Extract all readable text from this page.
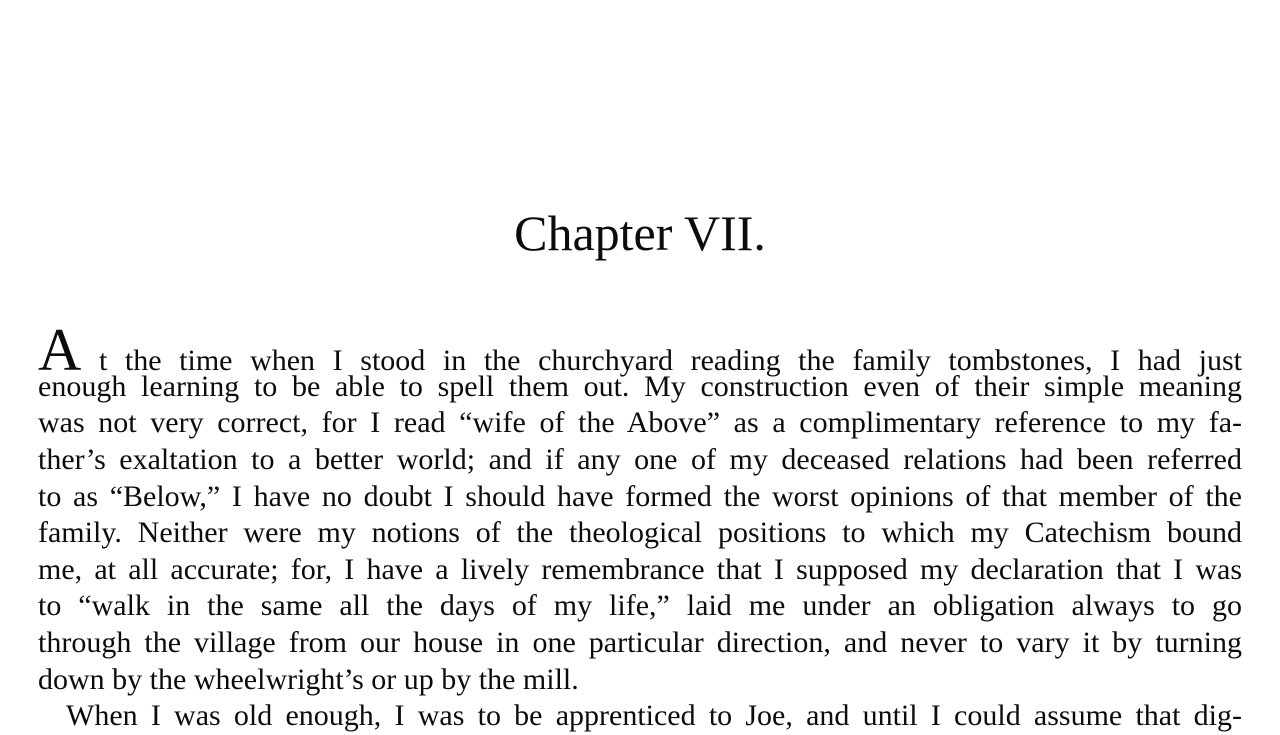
Chapter VII.
A t the time when I stood in the churchyard reading the family tombstones, I had just
enough learning to be able to spell them out. My construction even of their simple meaning
was not very correct, for I read “wife of the Above” as a complimentary reference to my fa-
ther’s exaltation to a better world; and if any one of my deceased relations had been referred
to as “Below,” I have no doubt I should have formed the worst opinions of that member of the
family. Neither were my notions of the theological positions to which my Catechism bound
me, at all accurate; for, I have a lively remembrance that I supposed my declaration that I was
to “walk in the same all the days of my life,” laid me under an obligation always to go
through the village from our house in one particular direction, and never to vary it by turning
down by the wheelwright’s or up by the mill.
When I was old enough, I was to be apprenticed to Joe, and until I could assume that dig-
